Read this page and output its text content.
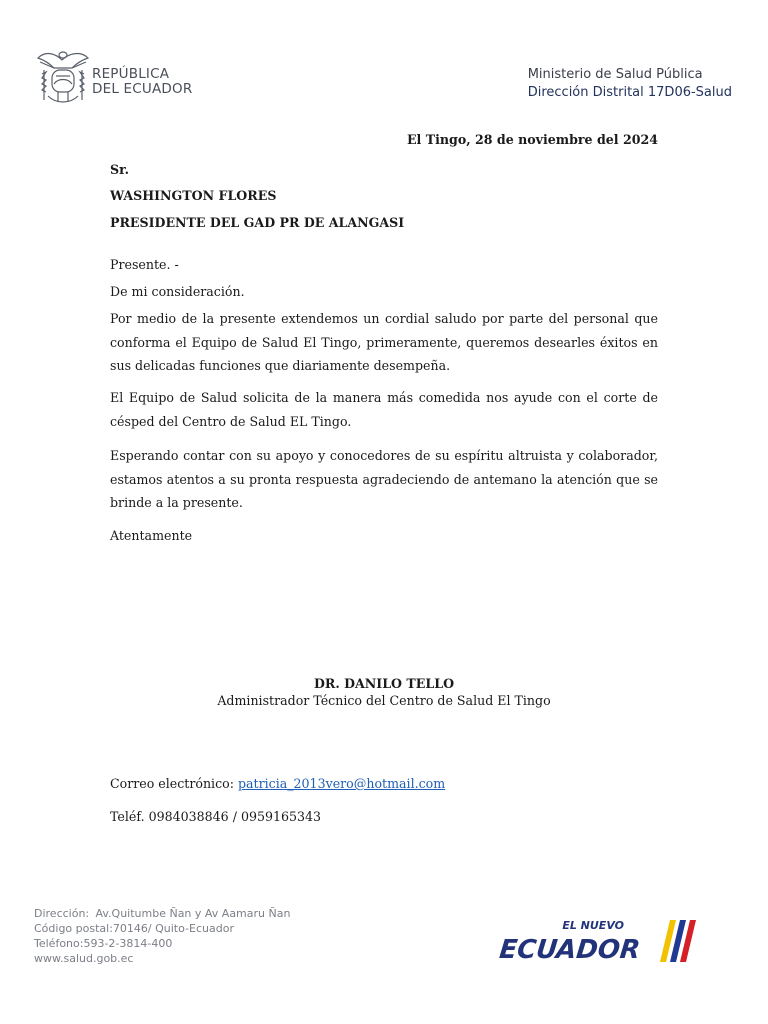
REPÚBLICA
DEL ECUADOR
Ministerio de Salud Pública
Dirección Distrital 17D06-Salud
El Tingo, 28 de noviembre del 2024
Sr.
WASHINGTON FLORES
PRESIDENTE DEL GAD PR DE ALANGASI
Presente. -
De mi consideración.
Por medio de la presente extendemos un cordial saludo por parte del personal que conforma el Equipo de Salud El Tingo, primeramente, queremos desearles éxitos en sus delicadas funciones que diariamente desempeña.
El Equipo de Salud solicita de la manera más comedida nos ayude con el corte de césped del Centro de Salud EL Tingo.
Esperando contar con su apoyo y conocedores de su espíritu altruista y colaborador, estamos atentos a su pronta respuesta agradeciendo de antemano la atención que se brinde a la presente.
Atentamente
DR. DANILO TELLO
Administrador Técnico del Centro de Salud El Tingo
Correo electrónico: patricia_2013vero@hotmail.com
Teléf. 0984038846 / 0959165343
Dirección: Av.Quitumbe Ñan y Av Aamaru Ñan
Código postal:70146/ Quito-Ecuador
Teléfono:593-2-3814-400
www.salud.gob.ec
EL NUEVO
ECUADOR
